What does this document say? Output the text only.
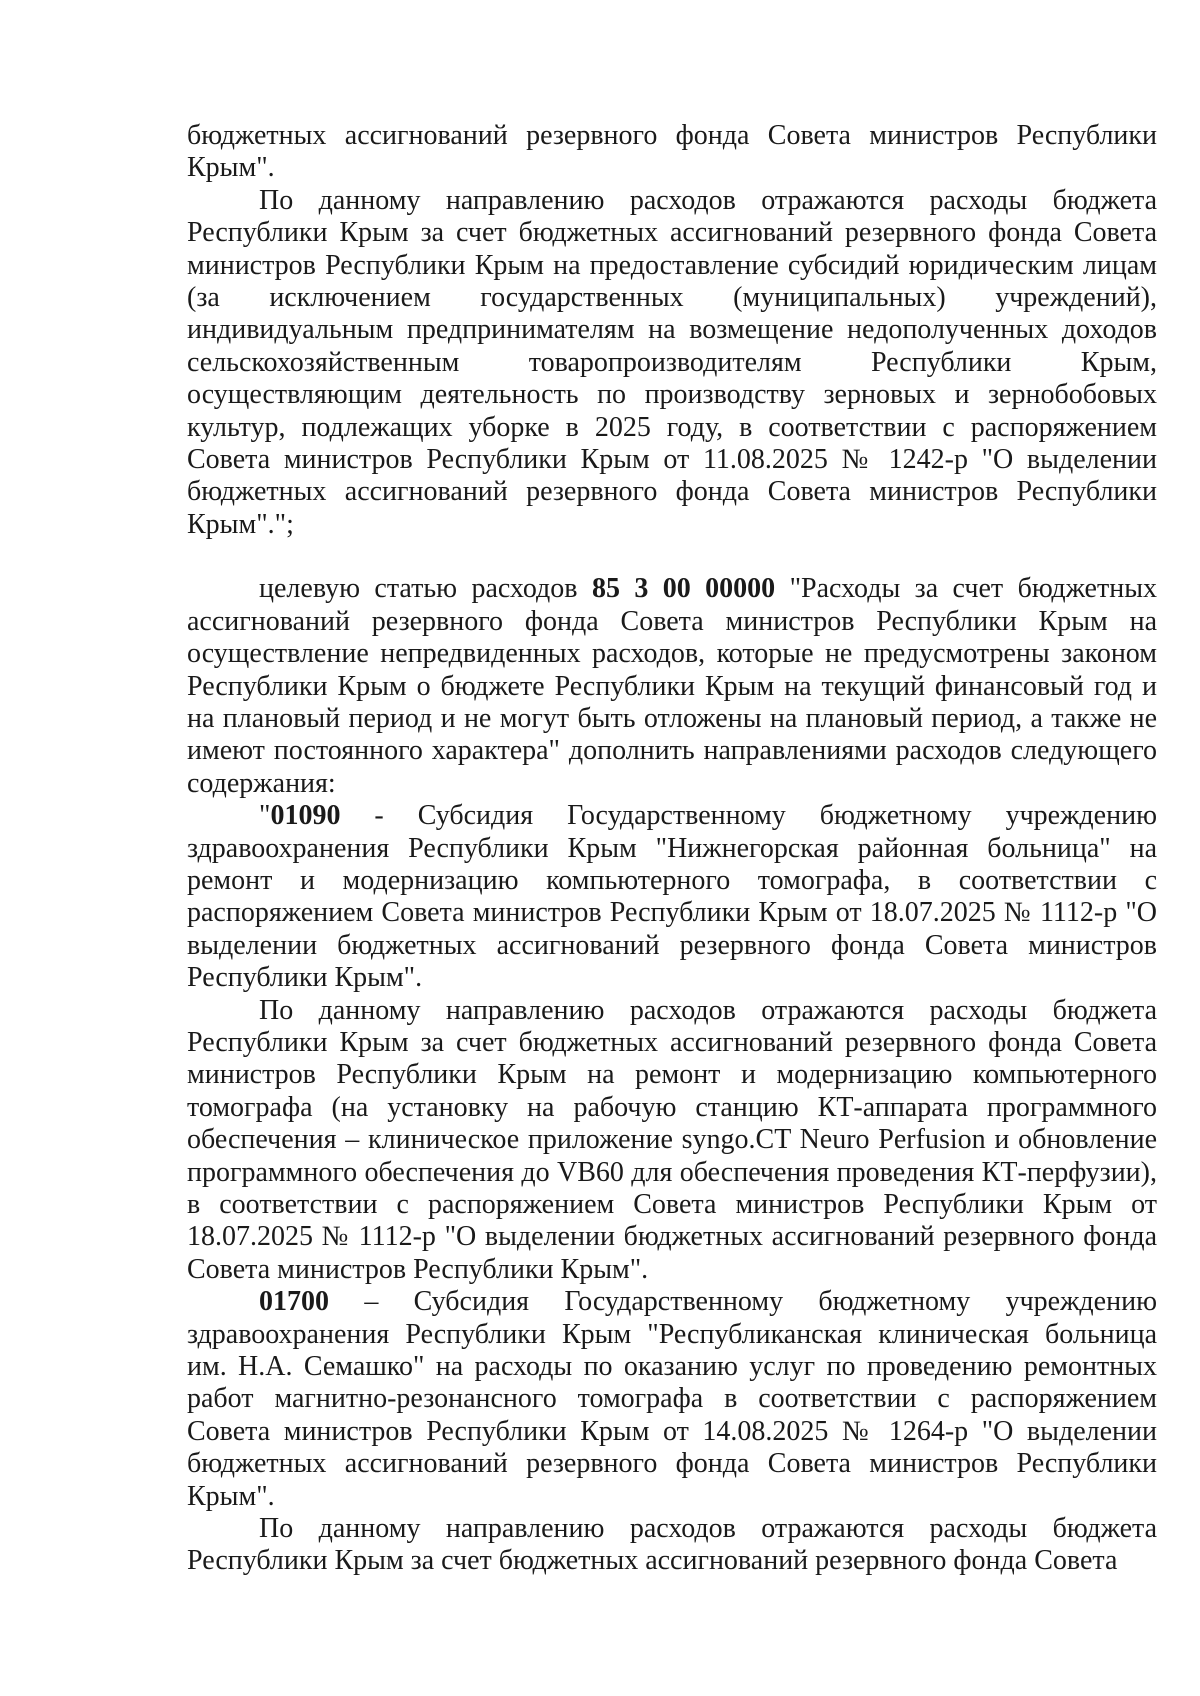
бюджетных ассигнований резервного фонда Совета министров Республики Крым".

По данному направлению расходов отражаются расходы бюджета Республики Крым за счет бюджетных ассигнований резервного фонда Совета министров Республики Крым на предоставление субсидий юридическим лицам (за исключением государственных (муниципальных) учреждений), индивидуальным предпринимателям на возмещение недополученных доходов сельскохозяйственным товаропроизводителям Республики Крым, осуществляющим деятельность по производству зерновых и зернобобовых культур, подлежащих уборке в 2025 году, в соответствии с распоряжением Совета министров Республики Крым от 11.08.2025 № 1242-р "О выделении бюджетных ассигнований резервного фонда Совета министров Республики Крым".";

целевую статью расходов 85 3 00 00000 "Расходы за счет бюджетных ассигнований резервного фонда Совета министров Республики Крым на осуществление непредвиденных расходов, которые не предусмотрены законом Республики Крым о бюджете Республики Крым на текущий финансовый год и на плановый период и не могут быть отложены на плановый период, а также не имеют постоянного характера" дополнить направлениями расходов следующего содержания:

"01090 - Субсидия Государственному бюджетному учреждению здравоохранения Республики Крым "Нижнегорская районная больница" на ремонт и модернизацию компьютерного томографа, в соответствии с распоряжением Совета министров Республики Крым от 18.07.2025 № 1112-р "О выделении бюджетных ассигнований резервного фонда Совета министров Республики Крым".

По данному направлению расходов отражаются расходы бюджета Республики Крым за счет бюджетных ассигнований резервного фонда Совета министров Республики Крым на ремонт и модернизацию компьютерного томографа (на установку на рабочую станцию КТ-аппарата программного обеспечения – клиническое приложение syngo.CT Neuro Perfusion и обновление программного обеспечения до VB60 для обеспечения проведения КТ-перфузии), в соответствии с распоряжением Совета министров Республики Крым от 18.07.2025 № 1112-р "О выделении бюджетных ассигнований резервного фонда Совета министров Республики Крым".

01700 – Субсидия Государственному бюджетному учреждению здравоохранения Республики Крым "Республиканская клиническая больница им. Н.А. Семашко" на расходы по оказанию услуг по проведению ремонтных работ магнитно-резонансного томографа в соответствии с распоряжением Совета министров Республики Крым от 14.08.2025 № 1264-р "О выделении бюджетных ассигнований резервного фонда Совета министров Республики Крым".

По данному направлению расходов отражаются расходы бюджета Республики Крым за счет бюджетных ассигнований резервного фонда Совета
